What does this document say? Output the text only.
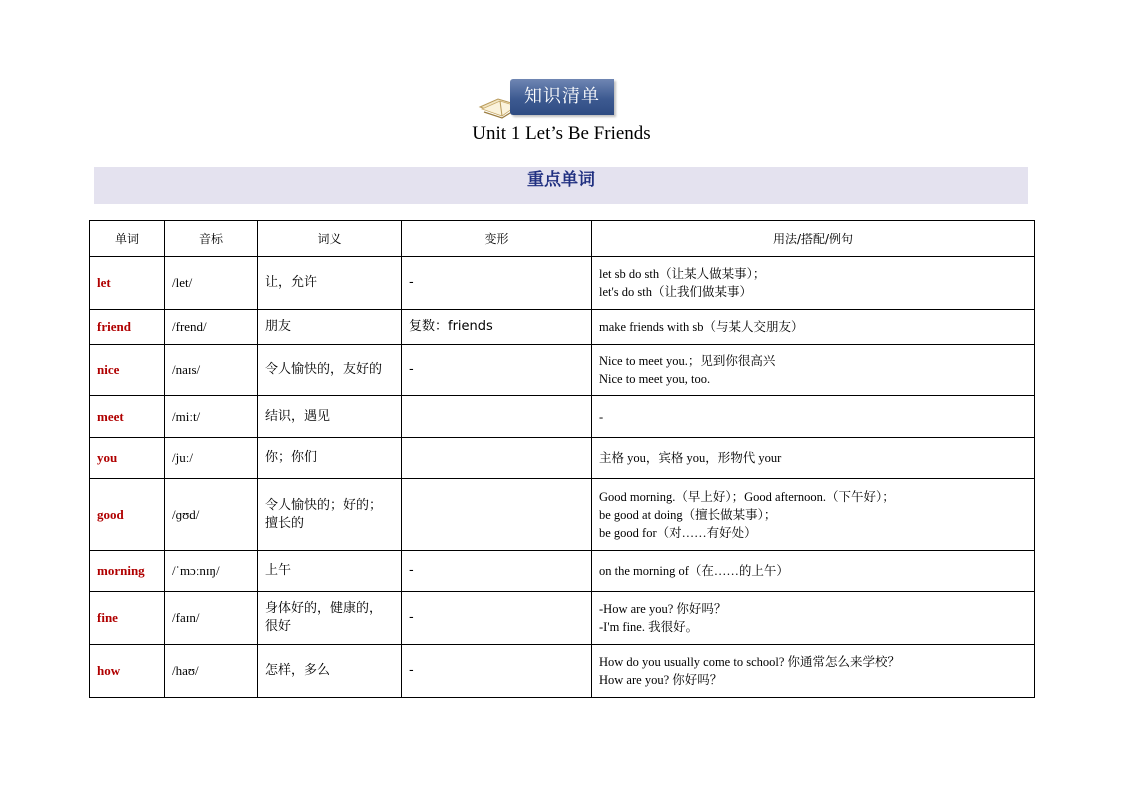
知识清单
Unit 1 Let’s Be Friends
重点单词
单词	音标	词义	变形	用法/搭配/例句
let	/let/	让，允许	-	let sb do sth（让某人做某事）；
let's do sth（让我们做某事）

friend	/frend/	朋友	复数：friends	make friends with sb（与某人交朋友）

nice	/naɪs/	令人愉快的，友好的	-	Nice to meet you.；见到你很高兴
Nice to meet you, too.

meet	/miːt/	结识，遇见		-

you	/juː/	你；你们		主格 you，宾格 you，形物代 your

good	/ɡʊd/	令人愉快的；好的；
擅长的		Good morning.（早上好）；Good afternoon.（下午好）；
be good at doing（擅长做某事）；
be good for（对……有好处）

morning	/ˈmɔːnɪŋ/	上午	-	on the morning of（在……的上午）

fine	/faɪn/	身体好的，健康的，
很好	-	-How are you? 你好吗？
-I'm fine. 我很好。

how	/haʊ/	怎样，多么	-	How do you usually come to school? 你通常怎么来学校？
How are you? 你好吗？
